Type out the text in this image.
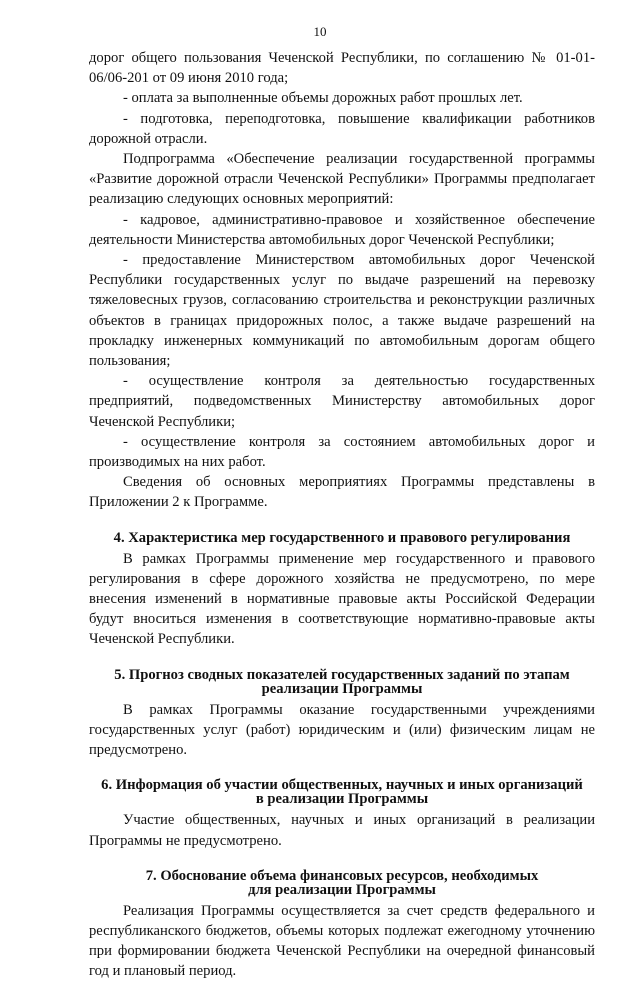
10

дорог общего пользования Чеченской Республики, по соглашению № 01-01-06/06-201 от 09 июня 2010 года;

- оплата за выполненные объемы дорожных работ прошлых лет.

- подготовка, переподготовка, повышение квалификации работников дорожной отрасли.

Подпрограмма «Обеспечение реализации государственной программы «Развитие дорожной отрасли Чеченской Республики» Программы предполагает реализацию следующих основных мероприятий:

- кадровое, административно-правовое и хозяйственное обеспечение деятельности Министерства автомобильных дорог Чеченской Республики;

- предоставление Министерством автомобильных дорог Чеченской Республики государственных услуг по выдаче разрешений на перевозку тяжеловесных грузов, согласованию строительства и реконструкции различных объектов в границах придорожных полос, а также выдаче разрешений на прокладку инженерных коммуникаций по автомобильным дорогам общего пользования;

- осуществление контроля за деятельностью государственных предприятий, подведомственных Министерству автомобильных дорог Чеченской Республики;

- осуществление контроля за состоянием автомобильных дорог и производимых на них работ.

Сведения об основных мероприятиях Программы представлены в Приложении 2 к Программе.

4. Характеристика мер государственного и правового регулирования

В рамках Программы применение мер государственного и правового регулирования в сфере дорожного хозяйства не предусмотрено, по мере внесения изменений в нормативные правовые акты Российской Федерации будут вноситься изменения в соответствующие нормативно-правовые акты Чеченской Республики.

5. Прогноз сводных показателей государственных заданий по этапам
реализации Программы

В рамках Программы оказание государственными учреждениями государственных услуг (работ) юридическим и (или) физическим лицам не предусмотрено.

6. Информация об участии общественных, научных и иных организаций
в реализации Программы

Участие общественных, научных и иных организаций в реализации Программы не предусмотрено.

7. Обоснование объема финансовых ресурсов, необходимых
для реализации Программы

Реализация Программы осуществляется за счет средств федерального и республиканского бюджетов, объемы которых подлежат ежегодному уточнению при формировании бюджета Чеченской Республики на очередной финансовый год и плановый период.
